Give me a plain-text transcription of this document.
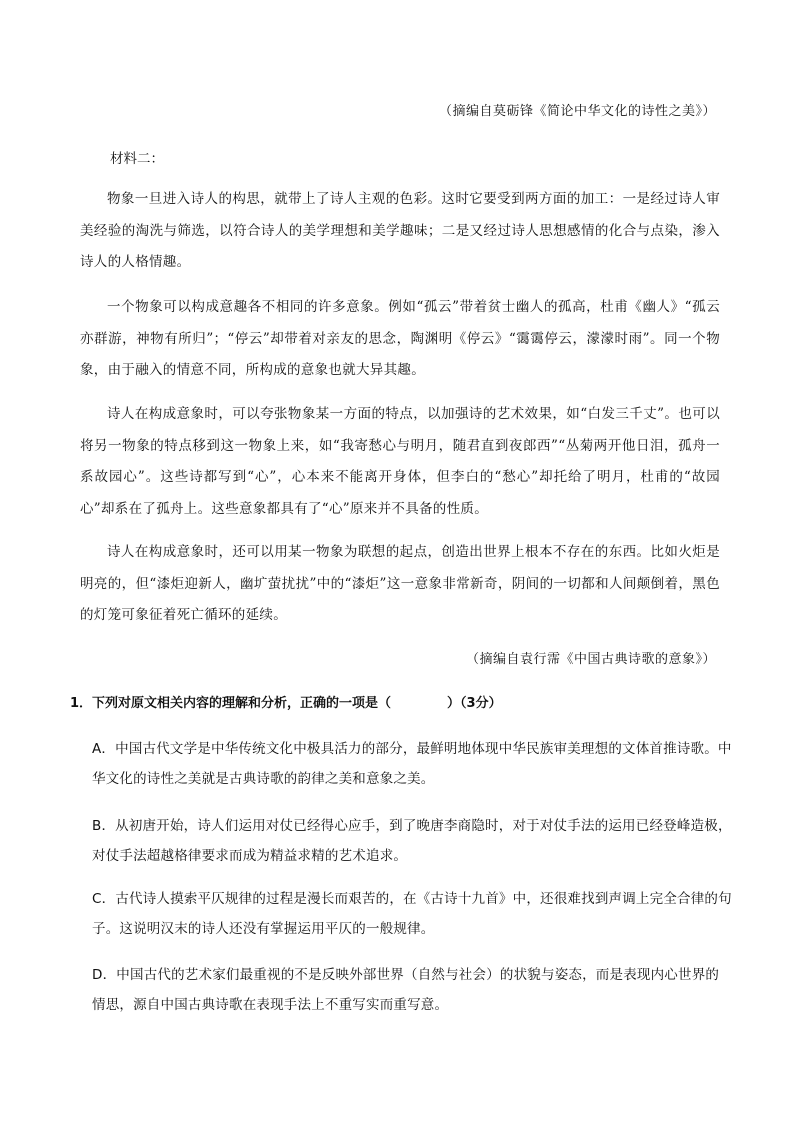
（摘编自莫砺锋《简论中华文化的诗性之美》）
材料二：

物象一旦进入诗人的构思，就带上了诗人主观的色彩。这时它要受到两方面的加工：一是经过诗人审美经验的淘洗与筛选，以符合诗人的美学理想和美学趣味；二是又经过诗人思想感情的化合与点染，渗入诗人的人格情趣。

一个物象可以构成意趣各不相同的许多意象。例如“孤云”带着贫士幽人的孤高，杜甫《幽人》“孤云亦群游，神物有所归”；“停云”却带着对亲友的思念，陶渊明《停云》“霭霭停云，濛濛时雨”。同一个物象，由于融入的情意不同，所构成的意象也就大异其趣。

诗人在构成意象时，可以夸张物象某一方面的特点，以加强诗的艺术效果，如“白发三千丈”。也可以将另一物象的特点移到这一物象上来，如“我寄愁心与明月，随君直到夜郎西”“丛菊两开他日泪，孤舟一系故园心”。这些诗都写到“心”，心本来不能离开身体，但李白的“愁心”却托给了明月，杜甫的“故园心”却系在了孤舟上。这些意象都具有了“心”原来并不具备的性质。

诗人在构成意象时，还可以用某一物象为联想的起点，创造出世界上根本不存在的东西。比如火炬是明亮的，但“漆炬迎新人，幽圹萤扰扰”中的“漆炬”这一意象非常新奇，阴间的一切都和人间颠倒着，黑色的灯笼可象征着死亡循环的延续。

（摘编自袁行霈《中国古典诗歌的意象》）
1．下列对原文相关内容的理解和分析，正确的一项是（	）（3分）
A．中国古代文学是中华传统文化中极具活力的部分，最鲜明地体现中华民族审美理想的文体首推诗歌。中华文化的诗性之美就是古典诗歌的韵律之美和意象之美。
B．从初唐开始，诗人们运用对仗已经得心应手，到了晚唐李商隐时，对于对仗手法的运用已经登峰造极，对仗手法超越格律要求而成为精益求精的艺术追求。
C．古代诗人摸索平仄规律的过程是漫长而艰苦的，在《古诗十九首》中，还很难找到声调上完全合律的句子。这说明汉末的诗人还没有掌握运用平仄的一般规律。
D．中国古代的艺术家们最重视的不是反映外部世界（自然与社会）的状貌与姿态，而是表现内心世界的情思，源自中国古典诗歌在表现手法上不重写实而重写意。
